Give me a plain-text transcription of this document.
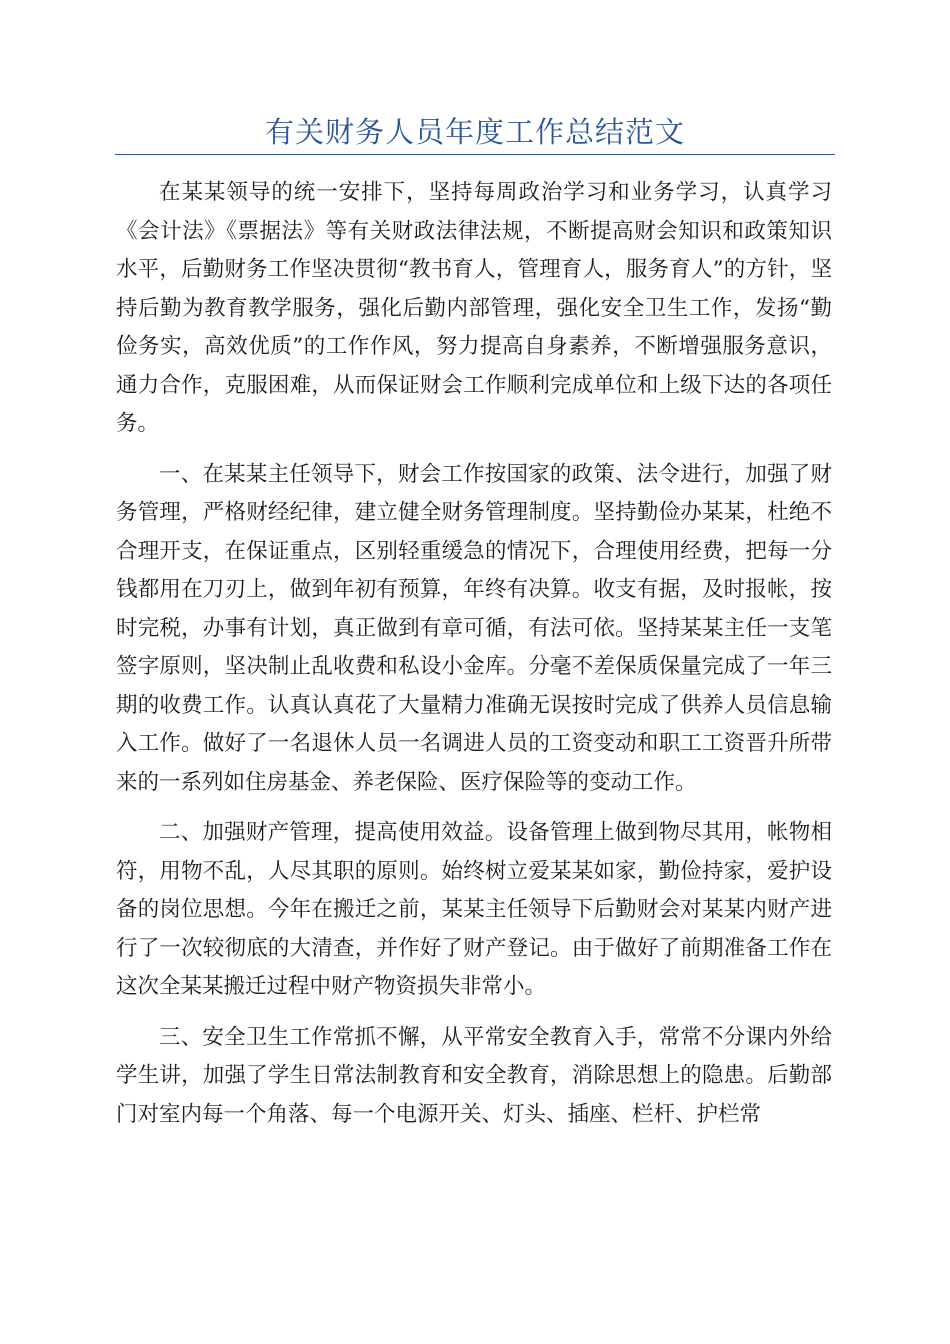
有关财务人员年度工作总结范文

在某某领导的统一安排下，坚持每周政治学习和业务学习，认真学习《会计法》《票据法》等有关财政法律法规，不断提高财会知识和政策知识水平，后勤财务工作坚决贯彻“教书育人，管理育人，服务育人”的方针，坚持后勤为教育教学服务，强化后勤内部管理，强化安全卫生工作，发扬“勤俭务实，高效优质”的工作作风，努力提高自身素养，不断增强服务意识，通力合作，克服困难，从而保证财会工作顺利完成单位和上级下达的各项任务。

一、在某某主任领导下，财会工作按国家的政策、法令进行，加强了财务管理，严格财经纪律，建立健全财务管理制度。坚持勤俭办某某，杜绝不合理开支，在保证重点，区别轻重缓急的情况下，合理使用经费，把每一分钱都用在刀刃上，做到年初有预算，年终有决算。收支有据，及时报帐，按时完税，办事有计划，真正做到有章可循，有法可依。坚持某某主任一支笔签字原则，坚决制止乱收费和私设小金库。分毫不差保质保量完成了一年三期的收费工作。认真认真花了大量精力准确无误按时完成了供养人员信息输入工作。做好了一名退休人员一名调进人员的工资变动和职工工资晋升所带来的一系列如住房基金、养老保险、医疗保险等的变动工作。

二、加强财产管理，提高使用效益。设备管理上做到物尽其用，帐物相符，用物不乱，人尽其职的原则。始终树立爱某某如家，勤俭持家，爱护设备的岗位思想。今年在搬迁之前，某某主任领导下后勤财会对某某内财产进行了一次较彻底的大清查，并作好了财产登记。由于做好了前期准备工作在这次全某某搬迁过程中财产物资损失非常小。

三、安全卫生工作常抓不懈，从平常安全教育入手，常常不分课内外给学生讲，加强了学生日常法制教育和安全教育，消除思想上的隐患。后勤部门对室内每一个角落、每一个电源开关、灯头、插座、栏杆、护栏常
